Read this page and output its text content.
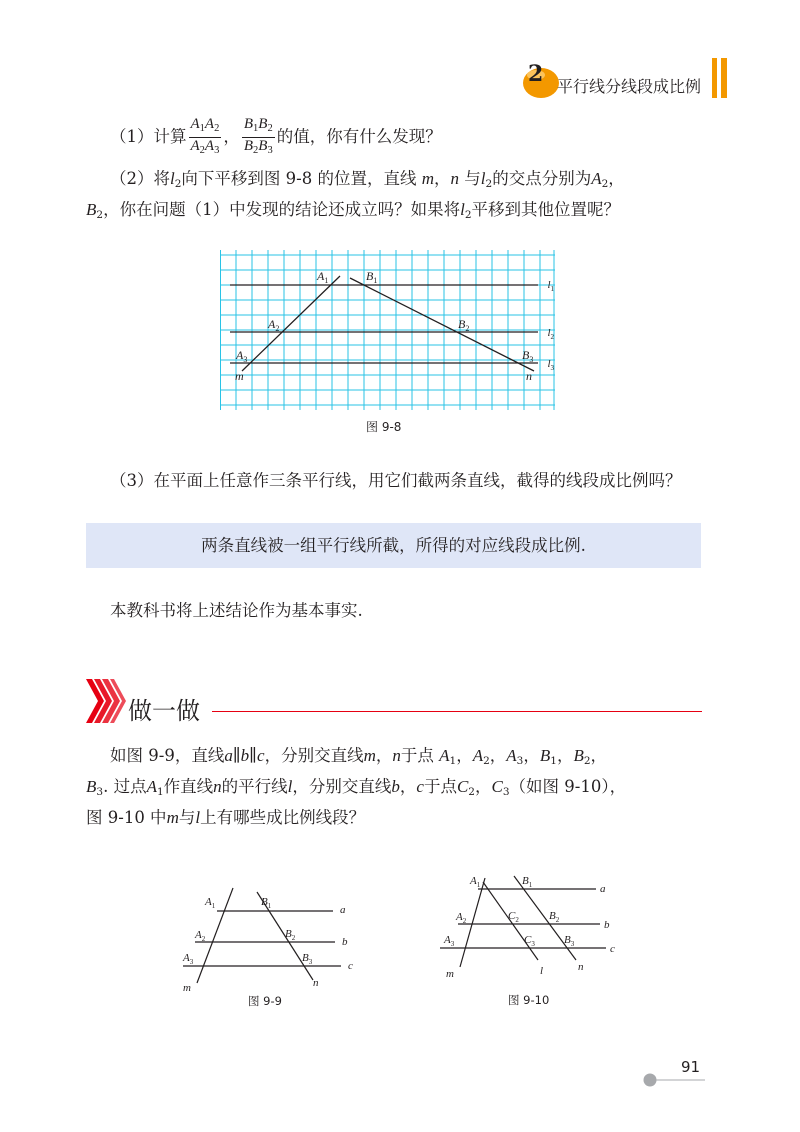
2 平行线分线段成比例
（1）计算 $\frac{A_1A_2}{A_2A_3}$ ， $\frac{B_1B_2}{B_2B_3}$ 的值，你有什么发现？
（2）将$l_2$向下平移到图 9-8 的位置，直线 m，n 与$l_2$的交点分别为$A_2$，
$B_2$，你在问题（1）中发现的结论还成立吗？如果将$l_2$平移到其他位置呢？
$A_1$	$B_1$
$A_2$	$B_2$
$A_3$	$B_3$
$l_1$
$l_2$
$l_3$
m	n
图 9-8
（3）在平面上任意作三条平行线，用它们截两条直线，截得的线段成比例吗？
两条直线被一组平行线所截，所得的对应线段成比例.
本教科书将上述结论作为基本事实.
做一做
如图 9-9，直线a∥b∥c，分别交直线m，n于点 $A_1$，$A_2$，$A_3$，$B_1$，$B_2$，
$B_3$. 过点$A_1$作直线n的平行线l，分别交直线b，c于点$C_2$，$C_3$（如图 9-10），
图 9-10 中m与l上有哪些成比例线段？
$A_1$	$B_1$
$A_2$	$B_2$
$A_3$	$B_3$
a
b
c
m	n
图 9-9
$A_1$	$B_1$
$A_2$	$C_2$	$B_2$
$A_3$	$C_3$	$B_3$
a
b
c
m	l	n
图 9-10
91
